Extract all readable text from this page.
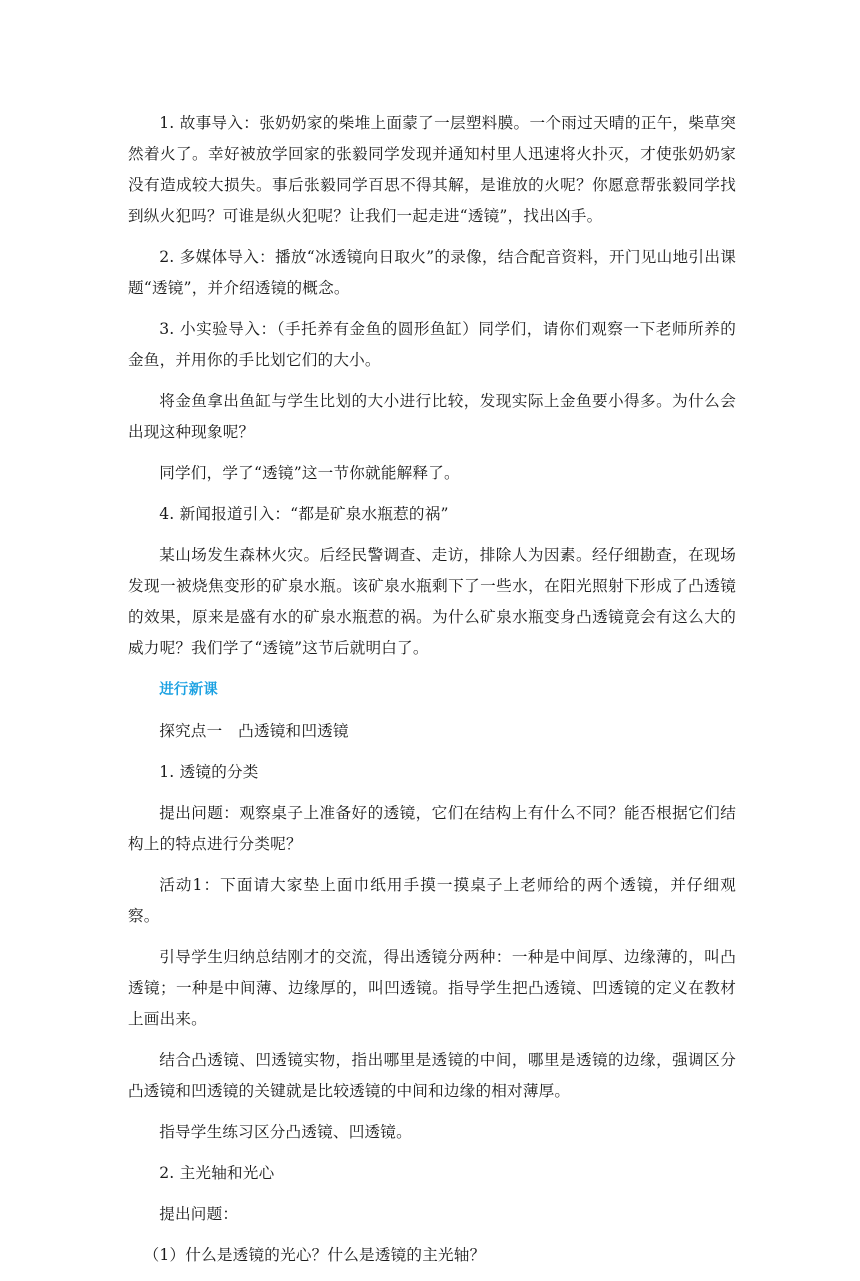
1. 故事导入：张奶奶家的柴堆上面蒙了一层塑料膜。一个雨过天晴的正午，柴草突然着火了。幸好被放学回家的张毅同学发现并通知村里人迅速将火扑灭，才使张奶奶家没有造成较大损失。事后张毅同学百思不得其解，是谁放的火呢？你愿意帮张毅同学找到纵火犯吗？可谁是纵火犯呢？让我们一起走进“透镜”，找出凶手。

2. 多媒体导入：播放“冰透镜向日取火”的录像，结合配音资料，开门见山地引出课题“透镜”，并介绍透镜的概念。

3. 小实验导入：（手托养有金鱼的圆形鱼缸）同学们，请你们观察一下老师所养的金鱼，并用你的手比划它们的大小。

将金鱼拿出鱼缸与学生比划的大小进行比较，发现实际上金鱼要小得多。为什么会出现这种现象呢？

同学们，学了“透镜”这一节你就能解释了。

4. 新闻报道引入：“都是矿泉水瓶惹的祸”

某山场发生森林火灾。后经民警调查、走访，排除人为因素。经仔细勘查，在现场发现一被烧焦变形的矿泉水瓶。该矿泉水瓶剩下了一些水，在阳光照射下形成了凸透镜的效果，原来是盛有水的矿泉水瓶惹的祸。为什么矿泉水瓶变身凸透镜竟会有这么大的威力呢？我们学了“透镜”这节后就明白了。

进行新课

探究点一　凸透镜和凹透镜

1. 透镜的分类

提出问题：观察桌子上准备好的透镜，它们在结构上有什么不同？能否根据它们结构上的特点进行分类呢？

活动1：下面请大家垫上面巾纸用手摸一摸桌子上老师给的两个透镜，并仔细观察。

引导学生归纳总结刚才的交流，得出透镜分两种：一种是中间厚、边缘薄的，叫凸透镜；一种是中间薄、边缘厚的，叫凹透镜。指导学生把凸透镜、凹透镜的定义在教材上画出来。

结合凸透镜、凹透镜实物，指出哪里是透镜的中间，哪里是透镜的边缘，强调区分凸透镜和凹透镜的关键就是比较透镜的中间和边缘的相对薄厚。

指导学生练习区分凸透镜、凹透镜。

2. 主光轴和光心

提出问题：

（1）什么是透镜的光心？什么是透镜的主光轴？
